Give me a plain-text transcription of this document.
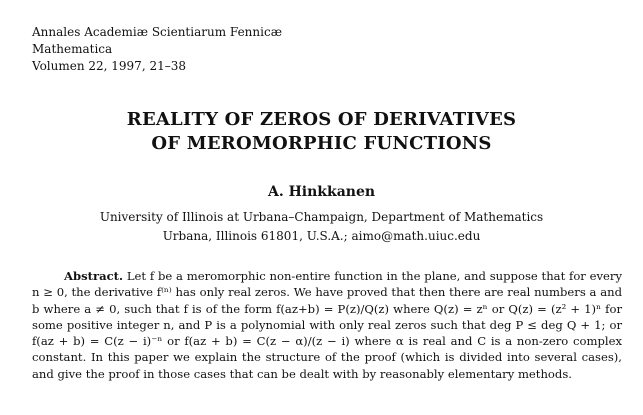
Annales Academiæ Scientiarum Fennicæ
Mathematica
Volumen 22, 1997, 21–38
REALITY OF ZEROS OF DERIVATIVES
OF MEROMORPHIC FUNCTIONS
A. Hinkkanen
University of Illinois at Urbana–Champaign, Department of Mathematics
Urbana, Illinois 61801, U.S.A.; aimo@math.uiuc.edu
Abstract. Let f be a meromorphic non-entire function in the plane, and suppose that for every n ≥ 0, the derivative f⁽ⁿ⁾ has only real zeros. We have proved that then there are real numbers a and b where a ≠ 0, such that f is of the form f(az+b) = P(z)/Q(z) where Q(z) = zⁿ or Q(z) = (z² + 1)ⁿ for some positive integer n, and P is a polynomial with only real zeros such that deg P ≤ deg Q + 1; or f(az + b) = C(z − i)⁻ⁿ or f(az + b) = C(z − α)/(z − i) where α is real and C is a non-zero complex constant. In this paper we explain the structure of the proof (which is divided into several cases), and give the proof in those cases that can be dealt with by reasonably elementary methods.
